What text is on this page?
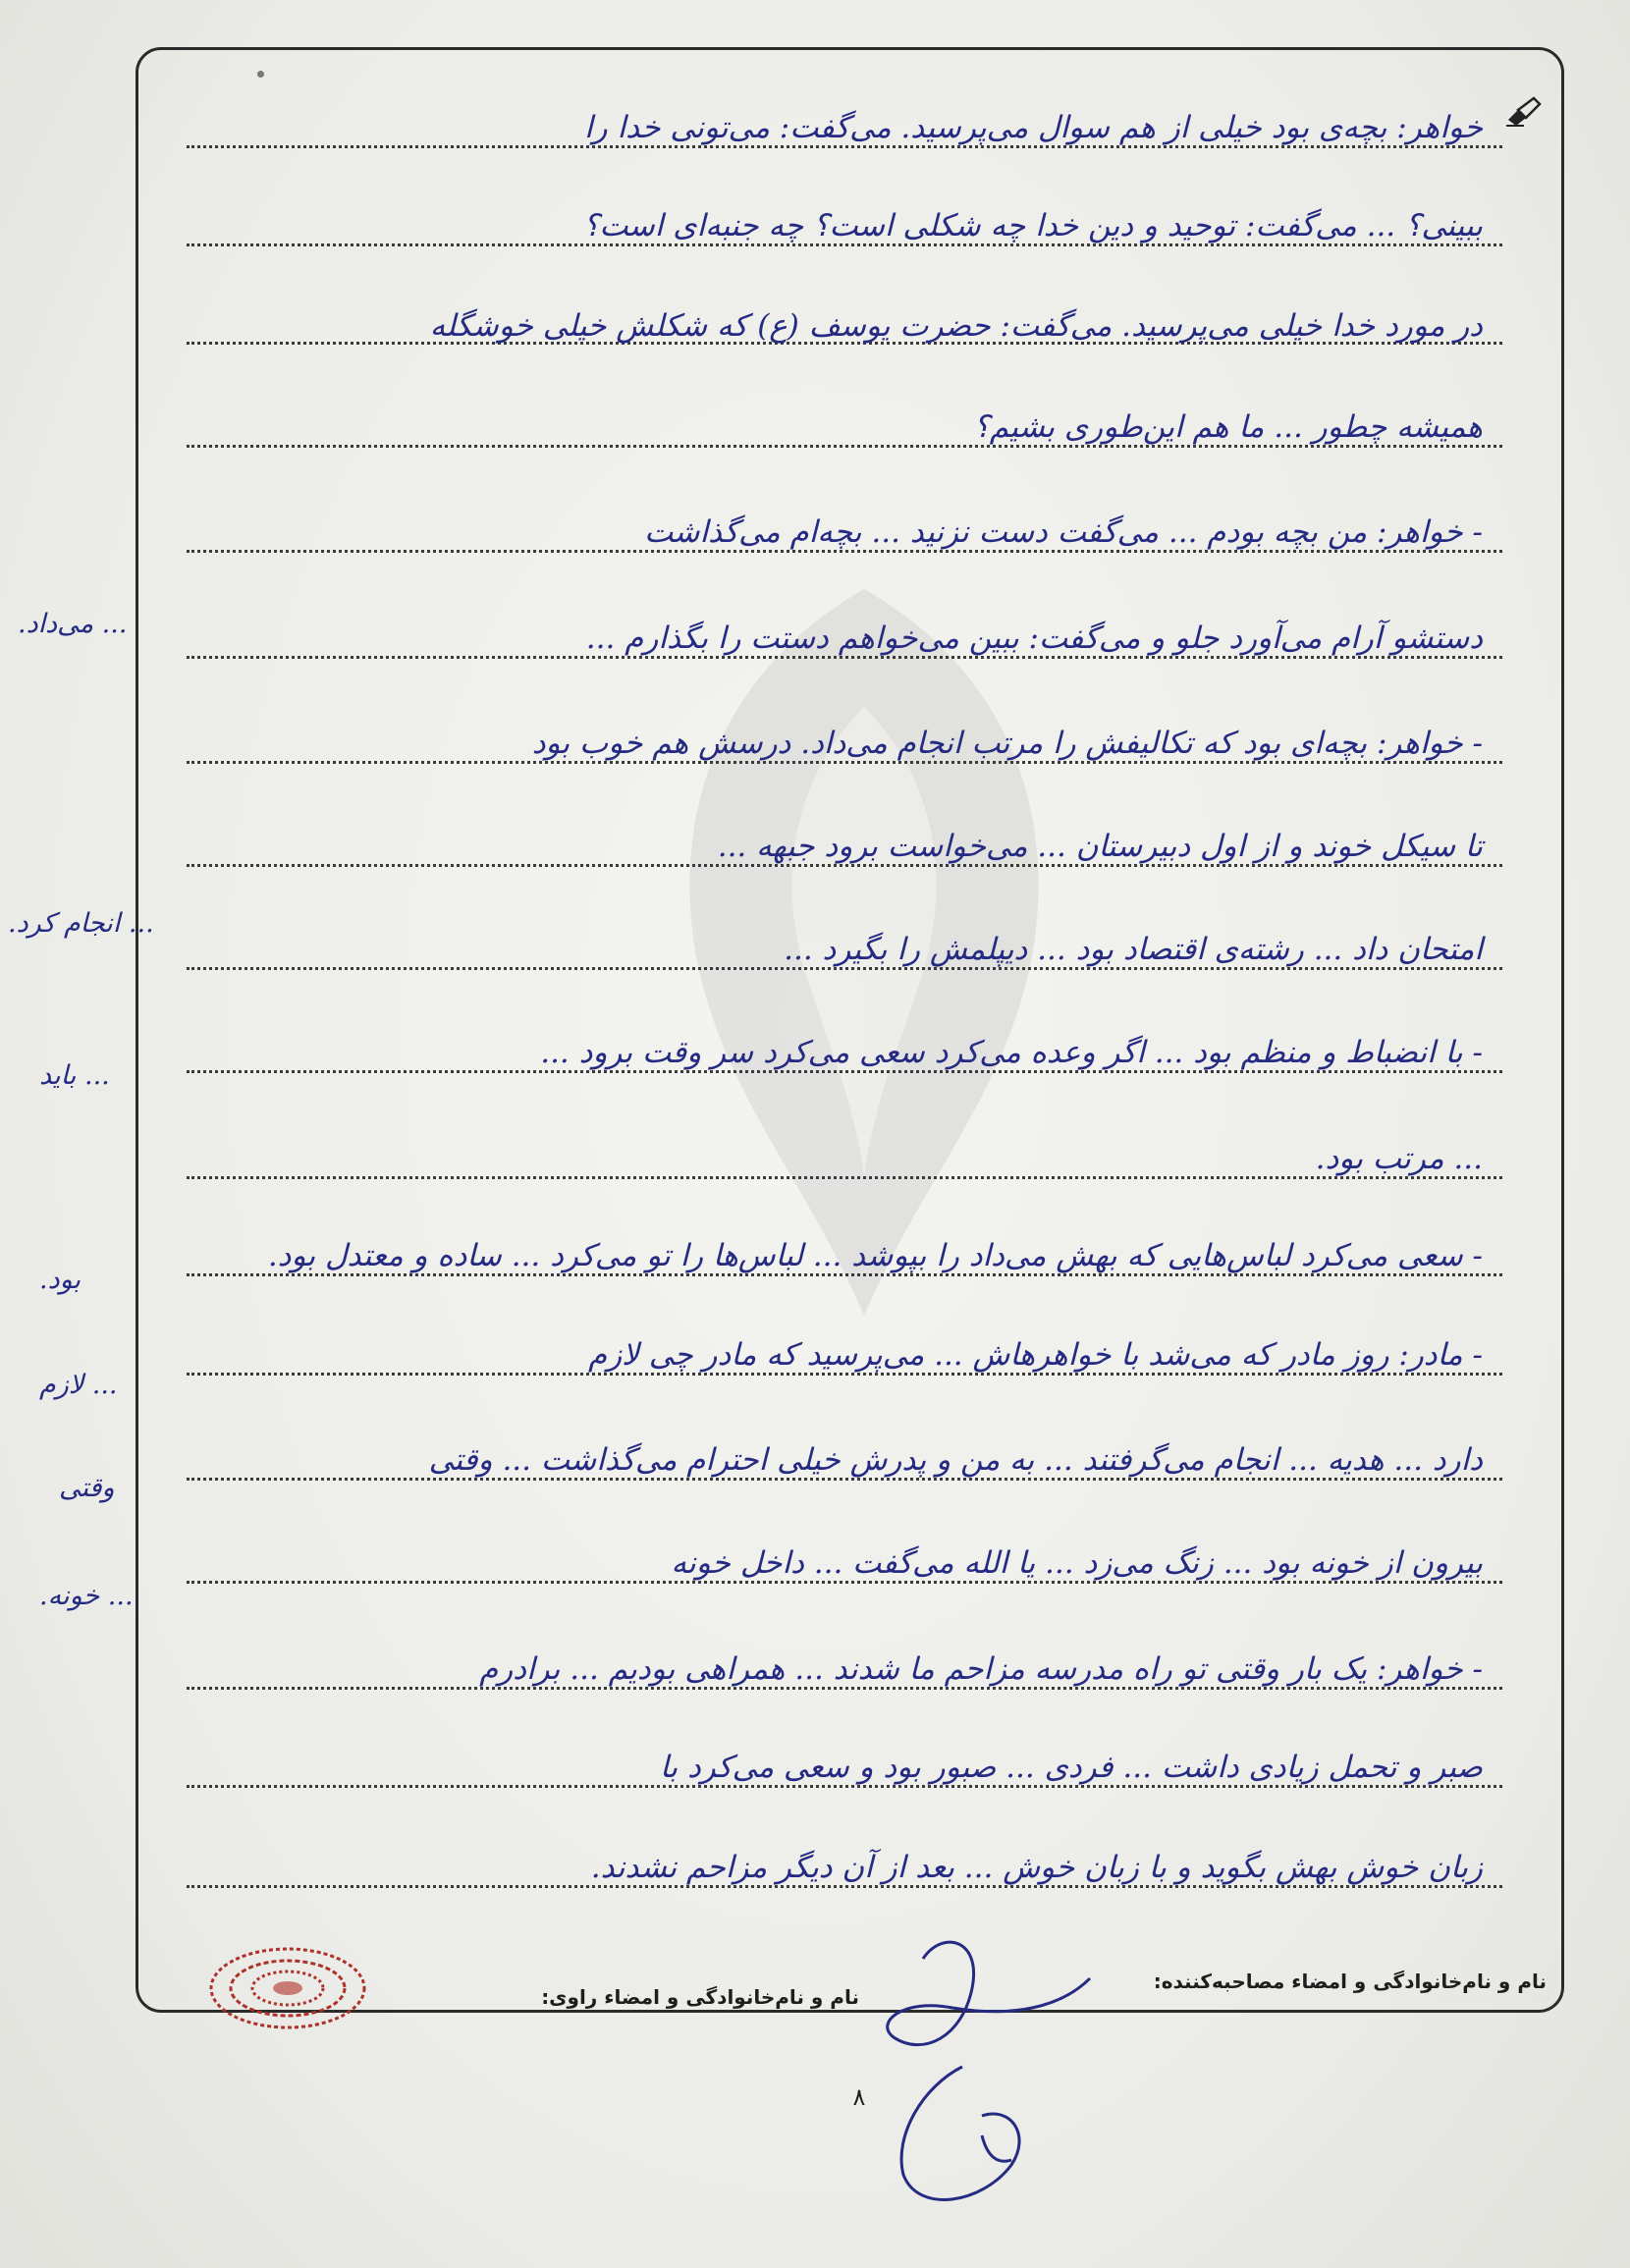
خواهر: بچه‌ی بود خیلی از هم سوال می‌پرسید. می‌گفت: می‌تونی خدا را
ببینی؟ ... می‌گفت: توحید و دین خدا چه شکلی است؟ چه جنبه‌ای است؟
در مورد خدا خیلی می‌پرسید. می‌گفت: حضرت یوسف (ع) که شکلش خیلی خوشگله
همیشه چطور ... ما هم این‌طوری بشیم؟
- خواهر: من بچه بودم ... می‌گفت دست نزنید ... بچه‌ام می‌گذاشت
دستشو آرام می‌آورد جلو و می‌گفت: ببین می‌خواهم دستت را بگذارم ...
- خواهر: بچه‌ای بود که تکالیفش را مرتب انجام می‌داد. درسش هم خوب بود
تا سیکل خوند و از اول دبیرستان ... می‌خواست برود جبهه ...
امتحان داد ... رشته‌ی اقتصاد بود ... دیپلمش را بگیرد ...
- با انضباط و منظم بود ... اگر وعده می‌کرد سعی می‌کرد سر وقت برود ...
... مرتب بود.
- سعی می‌کرد لباس‌هایی که بهش می‌داد را بپوشد ... لباس‌ها را تو می‌کرد ... ساده و معتدل بود.
- مادر: روز مادر که می‌شد با خواهرهاش ... می‌پرسید که مادر چی لازم
دارد ... هدیه ... انجام می‌گرفتند ... به من و پدرش خیلی احترام می‌گذاشت ... وقتی
بیرون از خونه بود ... زنگ می‌زد ... یا الله می‌گفت ... داخل خونه
- خواهر: یک بار وقتی تو راه مدرسه مزاحم ما شدند ... همراهی بودیم ... برادرم
صبر و تحمل زیادی داشت ... فردی ... صبور بود و سعی می‌کرد با
زبان خوش بهش بگوید و با زبان خوش ... بعد از آن دیگر مزاحم نشدند.
... می‌داد.
... انجام کرد.
... باید
بود.
... لازم
وقتی
... خونه.
نام و نام‌خانوادگی و امضاء مصاحبه‌کننده:
نام و نام‌خانوادگی و امضاء راوی:
۸
